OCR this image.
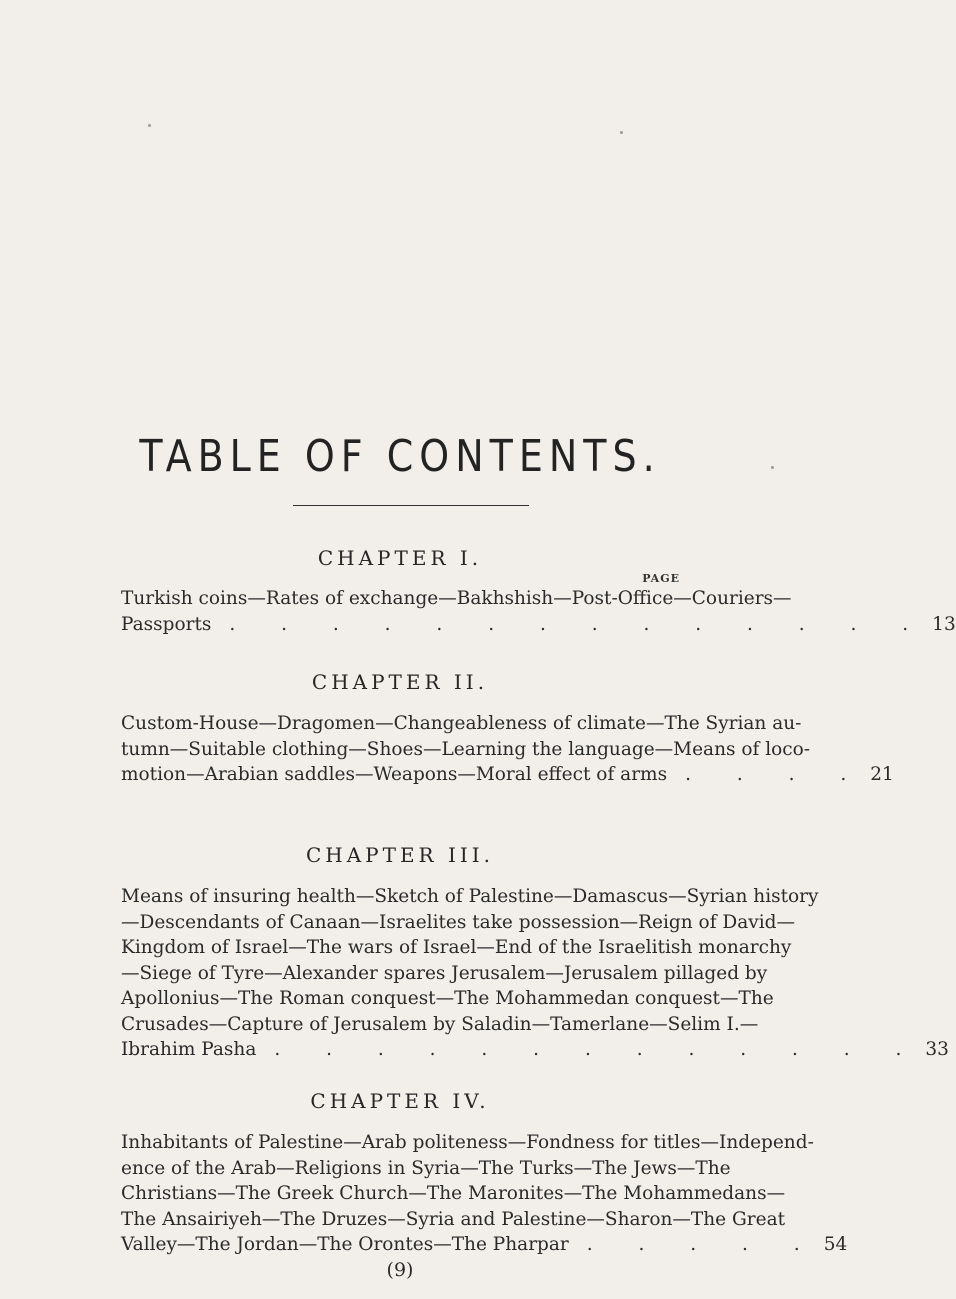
TABLE OF CONTENTS.
CHAPTER I.
PAGE
Turkish coins—Rates of exchange—Bakhshish—Post-Office—Couriers—
Passports . . . . . . . . . . . . . . 13
CHAPTER II.
Custom-House—Dragomen—Changeableness of climate—The Syrian au-
tumn—Suitable clothing—Shoes—Learning the language—Means of loco-
motion—Arabian saddles—Weapons—Moral effect of arms . . . . 21
CHAPTER III.
Means of insuring health—Sketch of Palestine—Damascus—Syrian history
—Descendants of Canaan—Israelites take possession—Reign of David—
Kingdom of Israel—The wars of Israel—End of the Israelitish monarchy
—Siege of Tyre—Alexander spares Jerusalem—Jerusalem pillaged by
Apollonius—The Roman conquest—The Mohammedan conquest—The
Crusades—Capture of Jerusalem by Saladin—Tamerlane—Selim I.—
Ibrahim Pasha . . . . . . . . . . . . . 33
CHAPTER IV.
Inhabitants of Palestine—Arab politeness—Fondness for titles—Independ-
ence of the Arab—Religions in Syria—The Turks—The Jews—The
Christians—The Greek Church—The Maronites—The Mohammedans—
The Ansairiyeh—The Druzes—Syria and Palestine—Sharon—The Great
Valley—The Jordan—The Orontes—The Pharpar . . . . . 54
(9)
